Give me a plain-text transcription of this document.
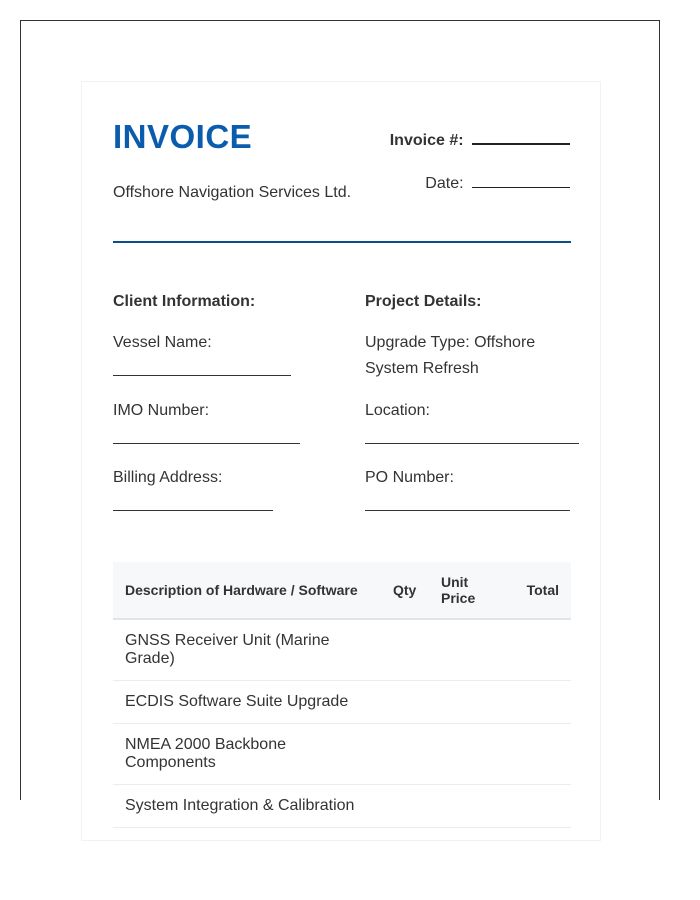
INVOICE
Offshore Navigation Services Ltd.
Invoice #:
Date:
Client Information:
Vessel Name:
IMO Number:
Billing Address:
Project Details:
Upgrade Type: Offshore System Refresh
Location:
PO Number:
Description of Hardware / Software	Qty	Unit Price	Total
GNSS Receiver Unit (Marine Grade)			
ECDIS Software Suite Upgrade			
NMEA 2000 Backbone Components			
System Integration & Calibration			
